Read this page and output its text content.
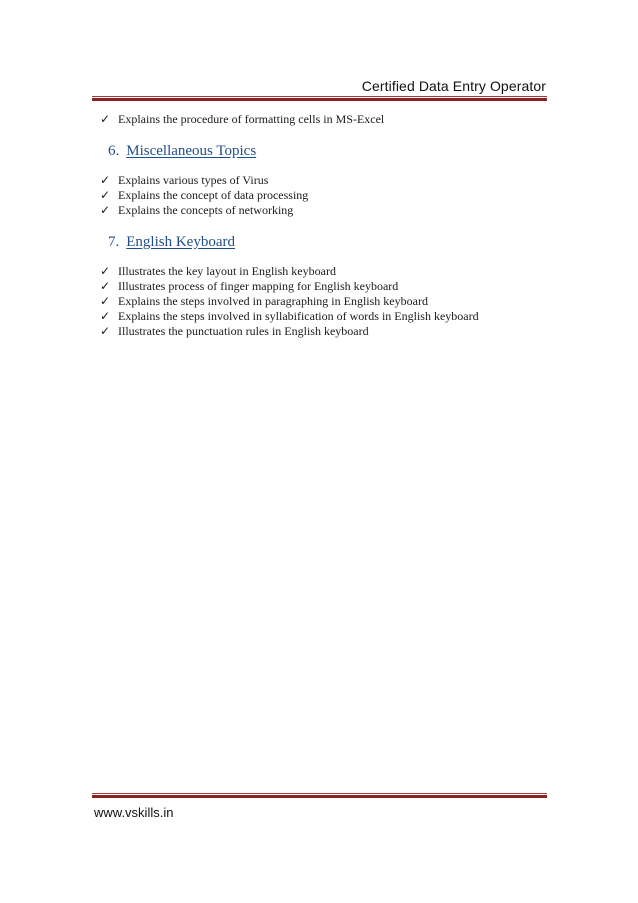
Certified Data Entry Operator
✓ Explains the procedure of formatting cells in MS-Excel
6. Miscellaneous Topics
✓ Explains various types of Virus
✓ Explains the concept of data processing
✓ Explains the concepts of networking
7. English Keyboard
✓ Illustrates the key layout in English keyboard
✓ Illustrates process of finger mapping for English keyboard
✓ Explains the steps involved in paragraphing in English keyboard
✓ Explains the steps involved in syllabification of words in English keyboard
✓ Illustrates the punctuation rules in English keyboard
www.vskills.in
